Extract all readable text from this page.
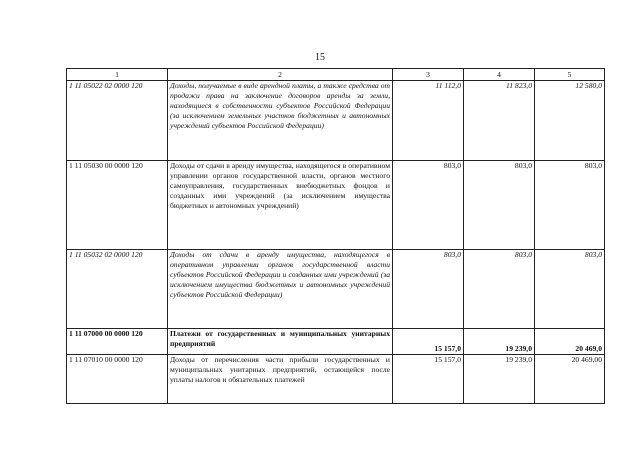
15
1	2	3	4	5
1 11 05022 02 0000 120	Доходы, получаемые в виде арендной платы, а также средства от продажи права на заключение договоров аренды за земли, находящиеся в собственности субъектов Российской Федерации (за исключением земельных участков бюджетных и автономных учреждений субъектов Российской Федерации)	11 112,0	11 823,0	12 580,0
1 11 05030 00 0000 120	Доходы от сдачи в аренду имущества, находящегося в оперативном управлении органов государственной власти, органов местного самоуправления, государственных внебюджетных фондов и созданных ими учреждений (за исключением имущества бюджетных и автономных учреждений)	803,0	803,0	803,0
1 11 05032 02 0000 120	Доходы от сдачи в аренду имущества, находящегося в оперативном управлении органов государственной власти субъектов Российской Федерации и созданных ими учреждений (за исключением имущества бюджетных и автономных учреждений субъектов Российской Федерации)	803,0	803,0	803,0
1 11 07000 00 0000 120	Платежи от государственных и муниципальных унитарных предприятий	15 157,0	19 239,0	20 469,0
1 11 07010 00 0000 120	Доходы от перечисления части прибыли государственных и муниципальных унитарных предприятий, остающейся после уплаты налогов и обязательных платежей	15 157,0	19 239,0	20 469,00
